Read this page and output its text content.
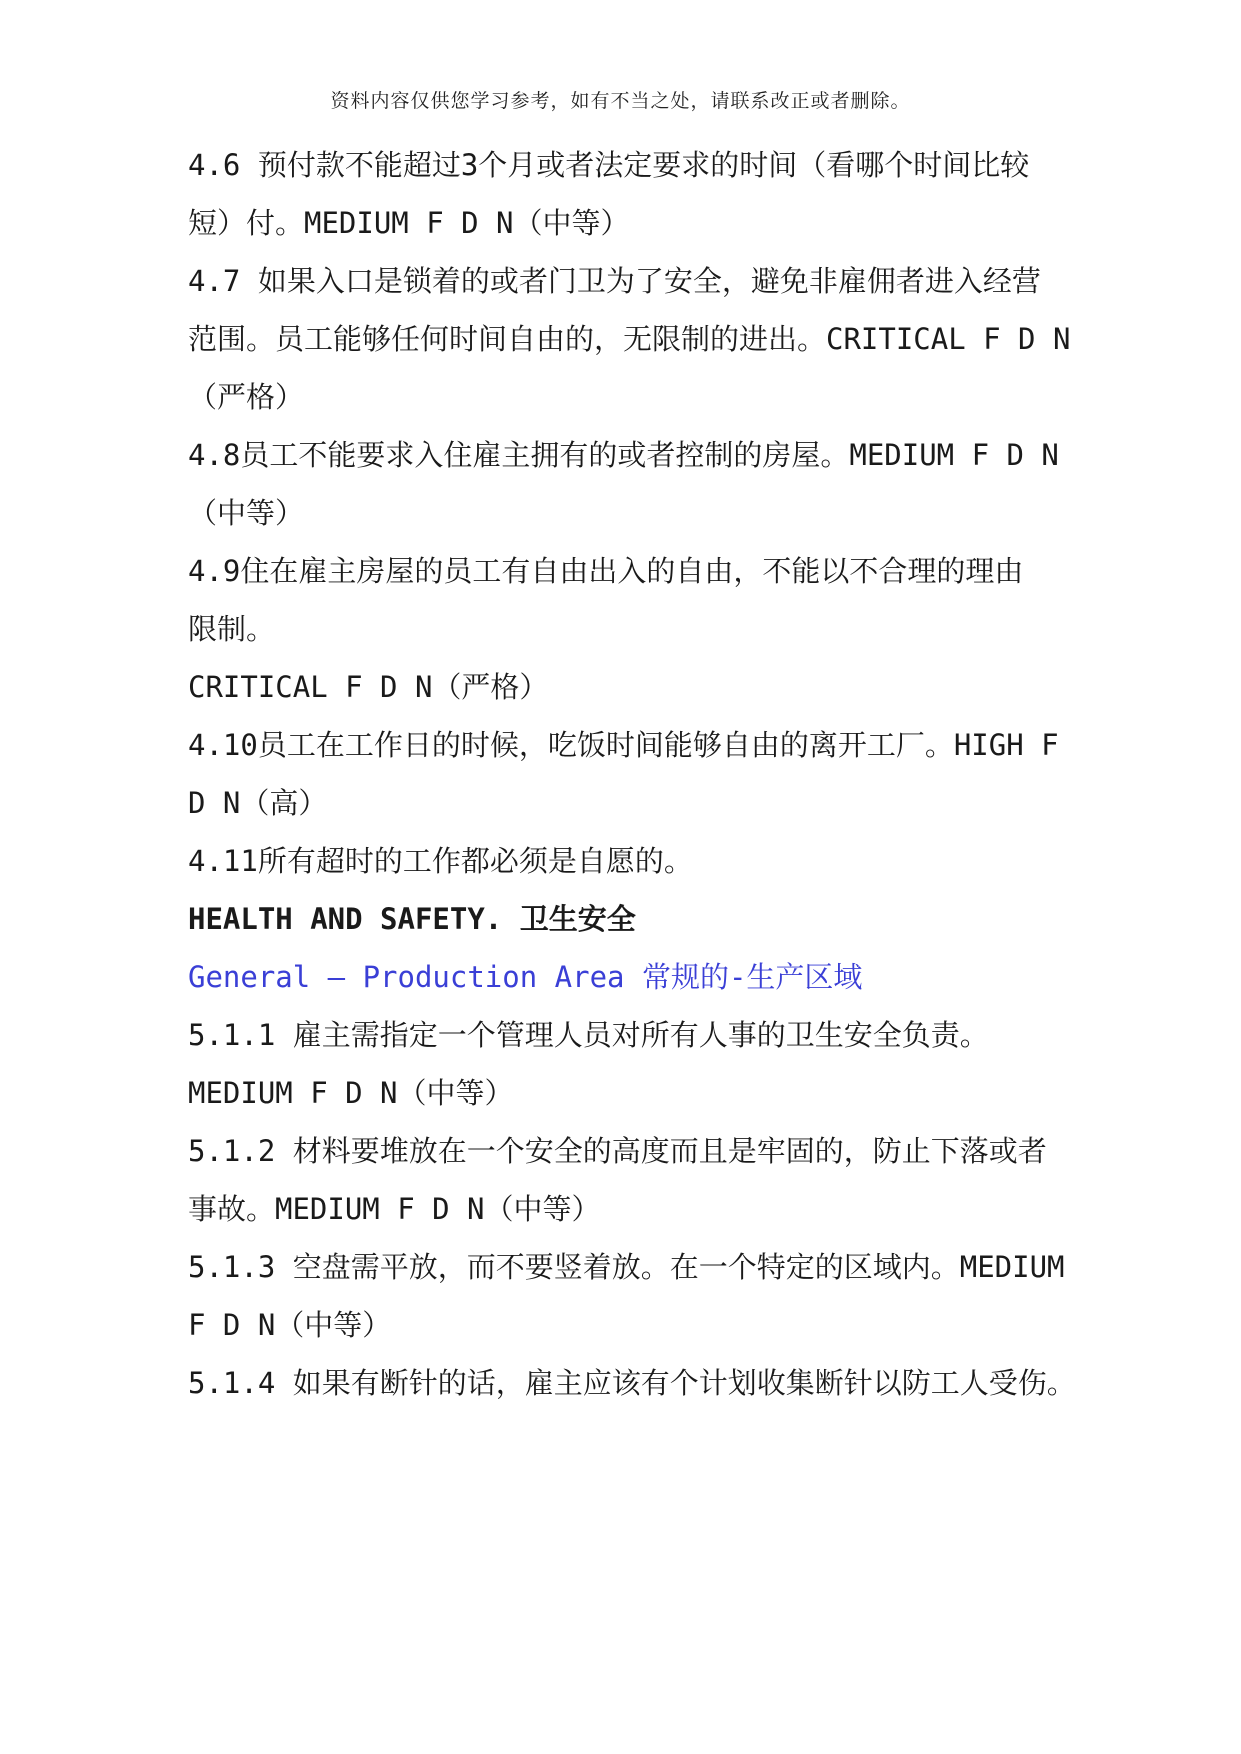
资料内容仅供您学习参考，如有不当之处，请联系改正或者删除。
4.6 预付款不能超过3个月或者法定要求的时间（看哪个时间比较
短）付。MEDIUM F D N（中等）
4.7 如果入口是锁着的或者门卫为了安全，避免非雇佣者进入经营
范围。员工能够任何时间自由的，无限制的进出。CRITICAL F D N
（严格）
4.8员工不能要求入住雇主拥有的或者控制的房屋。MEDIUM F D N
（中等）
4.9住在雇主房屋的员工有自由出入的自由，不能以不合理的理由
限制。
CRITICAL F D N（严格）
4.10员工在工作日的时候，吃饭时间能够自由的离开工厂。HIGH F
D N（高）
4.11所有超时的工作都必须是自愿的。
HEALTH AND SAFETY. 卫生安全
General – Production Area 常规的-生产区域
5.1.1 雇主需指定一个管理人员对所有人事的卫生安全负责。
MEDIUM F D N（中等）
5.1.2 材料要堆放在一个安全的高度而且是牢固的，防止下落或者
事故。MEDIUM F D N（中等）
5.1.3 空盘需平放，而不要竖着放。在一个特定的区域内。MEDIUM
F D N（中等）
5.1.4 如果有断针的话，雇主应该有个计划收集断针以防工人受伤。
